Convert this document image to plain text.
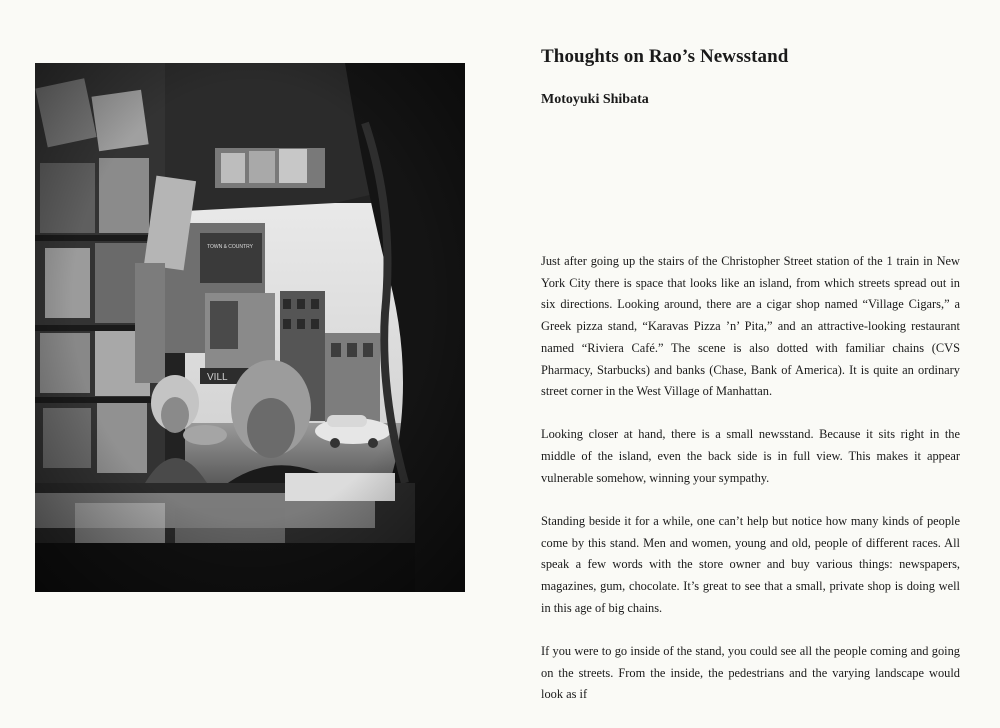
Thoughts on Rao’s Newsstand
Motoyuki Shibata

Just after going up the stairs of the Christopher Street station of the 1 train in New York City there is space that looks like an island, from which streets spread out in six directions. Looking around, there are a cigar shop named “Village Cigars,” a Greek pizza stand, “Karavas Pizza ’n’ Pita,” and an attractive-looking restaurant named “Riviera Café.” The scene is also dotted with familiar chains (CVS Pharmacy, Starbucks) and banks (Chase, Bank of America). It is quite an ordinary street corner in the West Village of Manhattan.

Looking closer at hand, there is a small newsstand. Because it sits right in the middle of the island, even the back side is in full view. This makes it appear vulnerable somehow, winning your sympathy.

Standing beside it for a while, one can’t help but notice how many kinds of people come by this stand. Men and women, young and old, people of different races. All speak a few words with the store owner and buy various things: newspapers, magazines, gum, chocolate. It’s great to see that a small, private shop is doing well in this age of big chains.

If you were to go inside of the stand, you could see all the people coming and going on the streets. From the inside, the pedestrians and the varying landscape would look as if
